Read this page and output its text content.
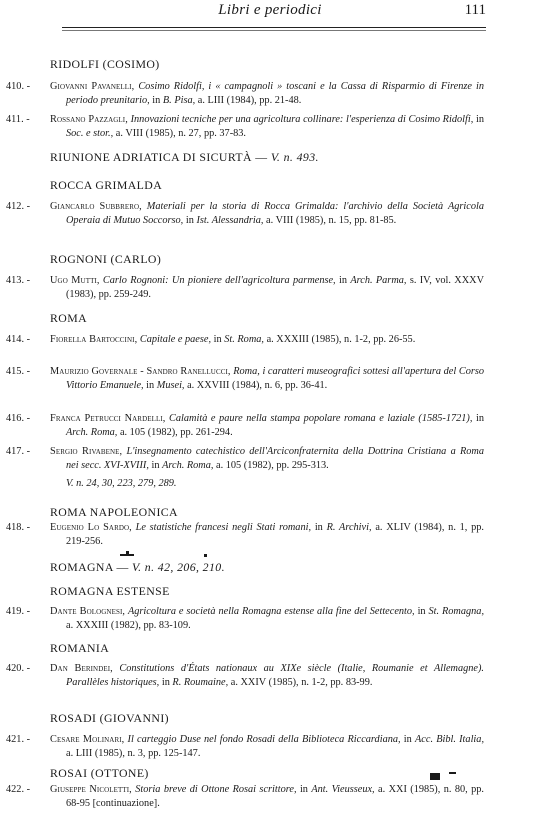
Libri e periodici	111
RIDOLFI (COSIMO)
410. -	Giovanni Pavanelli, Cosimo Ridolfi, i « campagnoli » toscani e la Cassa di Risparmio di Firenze in periodo preunitario, in B. Pisa, a. LIII (1984), pp. 21-48.
411. -	Rossano Pazzagli, Innovazioni tecniche per una agricoltura collinare: l'esperienza di Cosimo Ridolfi, in Soc. e stor., a. VIII (1985), n. 27, pp. 37-83.
RIUNIONE ADRIATICA DI SICURTÀ — V. n. 493.
ROCCA GRIMALDA
412. -	Giancarlo Subbrero, Materiali per la storia di Rocca Grimalda: l'archivio della Società Agricola Operaia di Mutuo Soccorso, in Ist. Alessandria, a. VIII (1985), n. 15, pp. 81-85.
ROGNONI (CARLO)
413. -	Ugo Mutti, Carlo Rognoni: Un pioniere dell'agricoltura parmense, in Arch. Parma, s. IV, vol. XXXV (1983), pp. 259-249.
ROMA
414. -	Fiorella Bartoccini, Capitale e paese, in St. Roma, a. XXXIII (1985), n. 1-2, pp. 26-55.
415. -	Maurizio Governale - Sandro Ranellucci, Roma, i caratteri museografici sottesi all'apertura del Corso Vittorio Emanuele, in Musei, a. XXVIII (1984), n. 6, pp. 36-41.
416. -	Franca Petrucci Nardelli, Calamità e paure nella stampa popolare romana e laziale (1585-1721), in Arch. Roma, a. 105 (1982), pp. 261-294.
417. -	Sergio Rivabene, L'insegnamento catechistico dell'Arciconfraternita della Dottrina Cristiana a Roma nei secc. XVI-XVIII, in Arch. Roma, a. 105 (1982), pp. 295-313.
V. n. 24, 30, 223, 279, 289.
ROMA NAPOLEONICA
418. -	Eugenio Lo Sardo, Le statistiche francesi negli Stati romani, in R. Archivi, a. XLIV (1984), n. 1, pp. 219-256.
ROMAGNA — V. n. 42, 206, 210.
ROMAGNA ESTENSE
419. -	Dante Bolognesi, Agricoltura e società nella Romagna estense alla fine del Settecento, in St. Romagna, a. XXXIII (1982), pp. 83-109.
ROMANIA
420. -	Dan Berindei, Constitutions d'États nationaux au XIXe siècle (Italie, Roumanie et Allemagne). Parallèles historiques, in R. Roumaine, a. XXIV (1985), n. 1-2, pp. 83-99.
ROSADI (GIOVANNI)
421. -	Cesare Molinari, Il carteggio Duse nel fondo Rosadi della Biblioteca Riccardiana, in Acc. Bibl. Italia, a. LIII (1985), n. 3, pp. 125-147.
ROSAI (OTTONE)
422. -	Giuseppe Nicoletti, Storia breve di Ottone Rosai scrittore, in Ant. Vieusseux, a. XXI (1985), n. 80, pp. 68-95 [continuazione].
